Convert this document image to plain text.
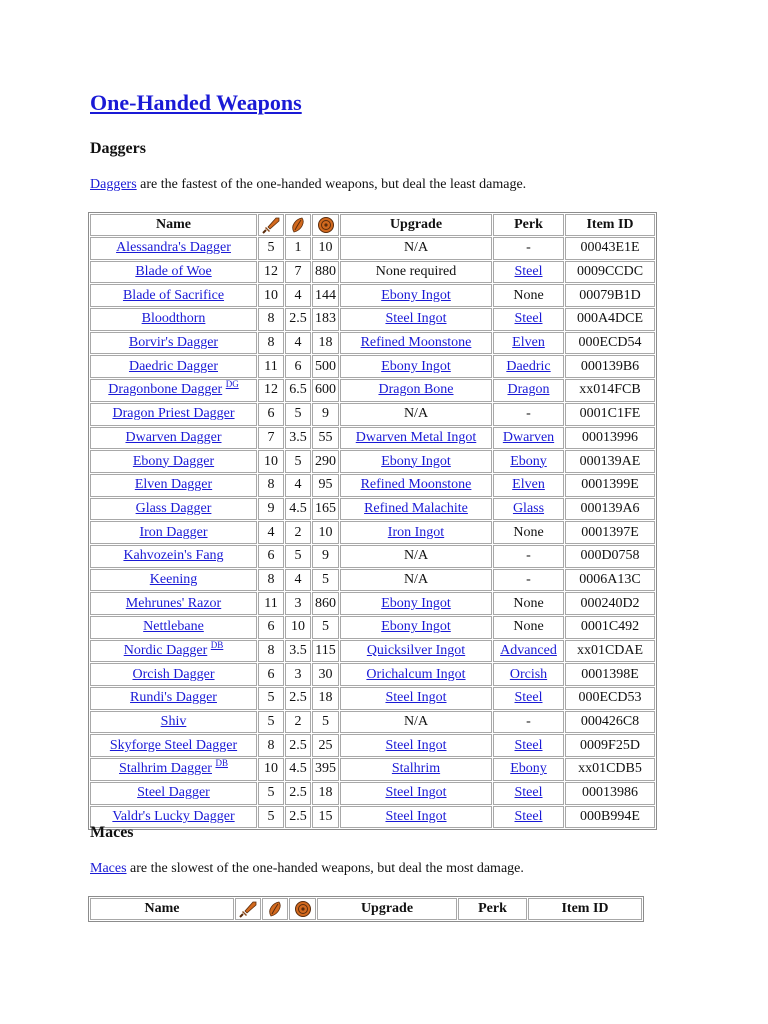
One-Handed Weapons
Daggers

Daggers are the fastest of the one-handed weapons, but deal the least damage.

Name				Upgrade	Perk	Item ID
Alessandra's Dagger	5	1	10	N/A	-	00043E1E
Blade of Woe	12	7	880	None required	Steel	0009CCDC
Blade of Sacrifice	10	4	144	Ebony Ingot	None	00079B1D
Bloodthorn	8	2.5	183	Steel Ingot	Steel	000A4DCE
Borvir's Dagger	8	4	18	Refined Moonstone	Elven	000ECD54
Daedric Dagger	11	6	500	Ebony Ingot	Daedric	000139B6
Dragonbone Dagger $^{DG}$	12	6.5	600	Dragon Bone	Dragon	xx014FCB
Dragon Priest Dagger	6	5	9	N/A	-	0001C1FE
Dwarven Dagger	7	3.5	55	Dwarven Metal Ingot	Dwarven	00013996
Ebony Dagger	10	5	290	Ebony Ingot	Ebony	000139AE
Elven Dagger	8	4	95	Refined Moonstone	Elven	0001399E
Glass Dagger	9	4.5	165	Refined Malachite	Glass	000139A6
Iron Dagger	4	2	10	Iron Ingot	None	0001397E
Kahvozein's Fang	6	5	9	N/A	-	000D0758
Keening	8	4	5	N/A	-	0006A13C
Mehrunes' Razor	11	3	860	Ebony Ingot	None	000240D2
Nettlebane	6	10	5	Ebony Ingot	None	0001C492
Nordic Dagger $^{DB}$	8	3.5	115	Quicksilver Ingot	Advanced	xx01CDAE
Orcish Dagger	6	3	30	Orichalcum Ingot	Orcish	0001398E
Rundi's Dagger	5	2.5	18	Steel Ingot	Steel	000ECD53
Shiv	5	2	5	N/A	-	000426C8
Skyforge Steel Dagger	8	2.5	25	Steel Ingot	Steel	0009F25D
Stalhrim Dagger $^{DB}$	10	4.5	395	Stalhrim	Ebony	xx01CDB5
Steel Dagger	5	2.5	18	Steel Ingot	Steel	00013986
Valdr's Lucky Dagger	5	2.5	15	Steel Ingot	Steel	000B994E
Maces

Maces are the slowest of the one-handed weapons, but deal the most damage.

Name				Upgrade	Perk	Item ID
